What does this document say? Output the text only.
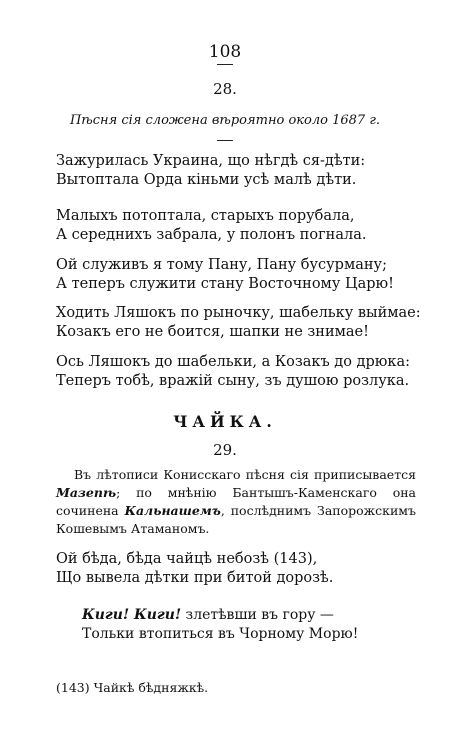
108
28.
Пѣсня сія сложена вѣроятно около 1687 г.
Зажурилась Украина, що нѣгдѣ ся-дѣти:
Вытоптала Орда кіньми усѣ малѣ дѣти.
Малыхъ потоптала, старыхъ порубала,
А середнихъ забрала, у полонъ погнала.
Ой служивъ я тому Пану, Пану бусурману;
А теперъ служити стану Восточному Царю!
Ходить Ляшокъ по рыночку, шабельку выймае:
Козакъ его не боится, шапки не знимае!
Ось Ляшокъ до шабельки, а Козакъ до дрюка:
Теперъ тобѣ, вражій сыну, зъ душою розлука.
ЧАЙКА.
29.
Въ лѣтописи Конисскаго пѣсня сія приписывается Мазепѣ; по мнѣнію Бантышъ-Каменскаго она сочинена Кальнашемъ, послѣднимъ Запорожскимъ Кошевымъ Атаманомъ.
Ой бѣда, бѣда чайцѣ небозѣ (143),
Що вывела дѣтки при битой дорозѣ.
Киги! Киги! злетѣвши въ гору —
Тольки втопиться въ Чорному Морю!
(143) Чайкѣ бѣдняжкѣ.
